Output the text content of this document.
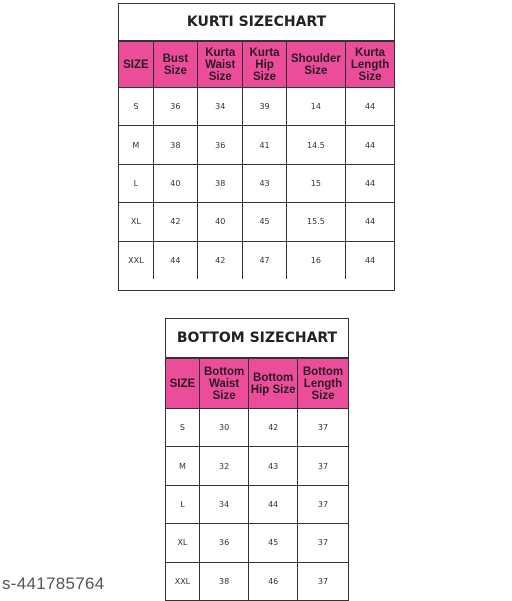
KURTI SIZECHART
SIZE	Bust Size	Kurta Waist Size	Kurta Hip Size	Shoulder Size	Kurta Length Size
S	36	34	39	14	44
M	38	36	41	14.5	44
L	40	38	43	15	44
XL	42	40	45	15.5	44
XXL	44	42	47	16	44
BOTTOM SIZECHART
SIZE	Bottom Waist Size	Bottom Hip Size	Bottom Length Size
S	30	42	37
M	32	43	37
L	34	44	37
XL	36	45	37
XXL	38	46	37
s-441785764
